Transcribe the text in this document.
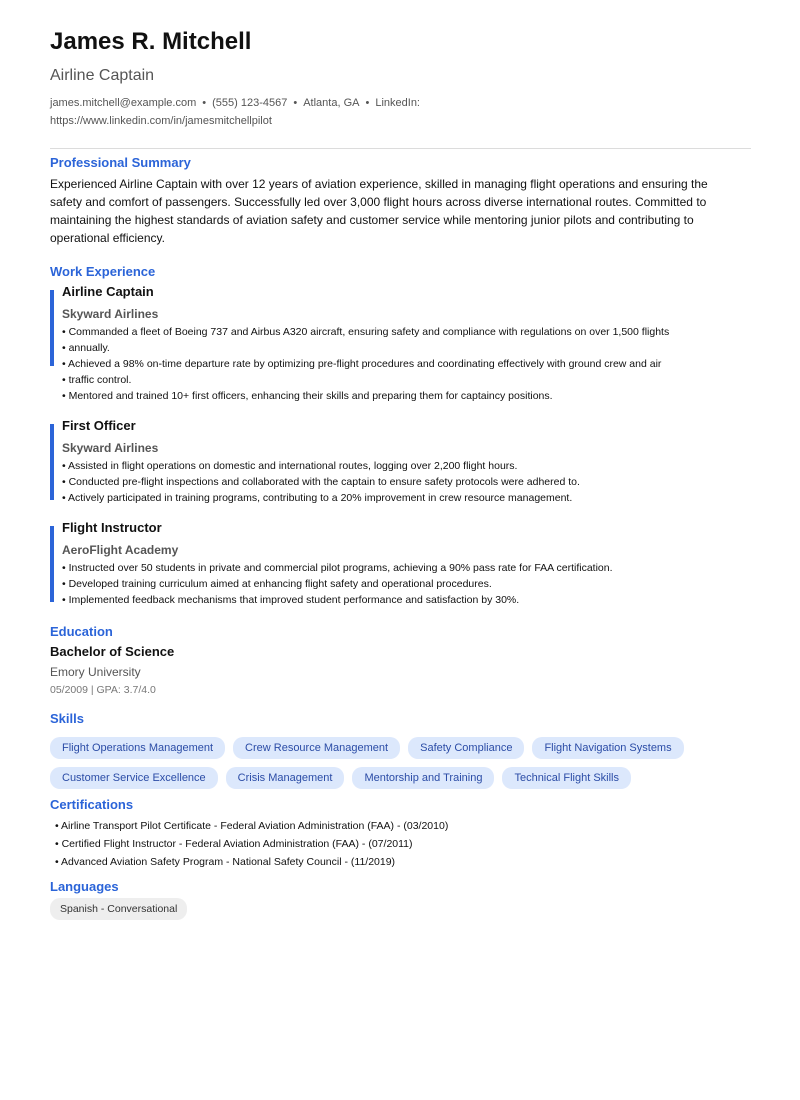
James R. Mitchell
Airline Captain
james.mitchell@example.com • (555) 123-4567 • Atlanta, GA • LinkedIn:
https://www.linkedin.com/in/jamesmitchellpilot
Professional Summary
Experienced Airline Captain with over 12 years of aviation experience, skilled in managing flight operations and ensuring the safety and comfort of passengers. Successfully led over 3,000 flight hours across diverse international routes. Committed to maintaining the highest standards of aviation safety and customer service while mentoring junior pilots and contributing to operational efficiency.
Work Experience
Airline Captain
Skyward Airlines
• Commanded a fleet of Boeing 737 and Airbus A320 aircraft, ensuring safety and compliance with regulations on over 1,500 flights
• annually.
• Achieved a 98% on-time departure rate by optimizing pre-flight procedures and coordinating effectively with ground crew and air
• traffic control.
• Mentored and trained 10+ first officers, enhancing their skills and preparing them for captaincy positions.
First Officer
Skyward Airlines
• Assisted in flight operations on domestic and international routes, logging over 2,200 flight hours.
• Conducted pre-flight inspections and collaborated with the captain to ensure safety protocols were adhered to.
• Actively participated in training programs, contributing to a 20% improvement in crew resource management.
Flight Instructor
AeroFlight Academy
• Instructed over 50 students in private and commercial pilot programs, achieving a 90% pass rate for FAA certification.
• Developed training curriculum aimed at enhancing flight safety and operational procedures.
• Implemented feedback mechanisms that improved student performance and satisfaction by 30%.
Education
Bachelor of Science
Emory University
05/2009 | GPA: 3.7/4.0
Skills
Flight Operations Management	Crew Resource Management	Safety Compliance	Flight Navigation Systems
Customer Service Excellence	Crisis Management	Mentorship and Training	Technical Flight Skills
Certifications
• Airline Transport Pilot Certificate - Federal Aviation Administration (FAA) - (03/2010)
• Certified Flight Instructor - Federal Aviation Administration (FAA) - (07/2011)
• Advanced Aviation Safety Program - National Safety Council - (11/2019)
Languages
Spanish - Conversational
